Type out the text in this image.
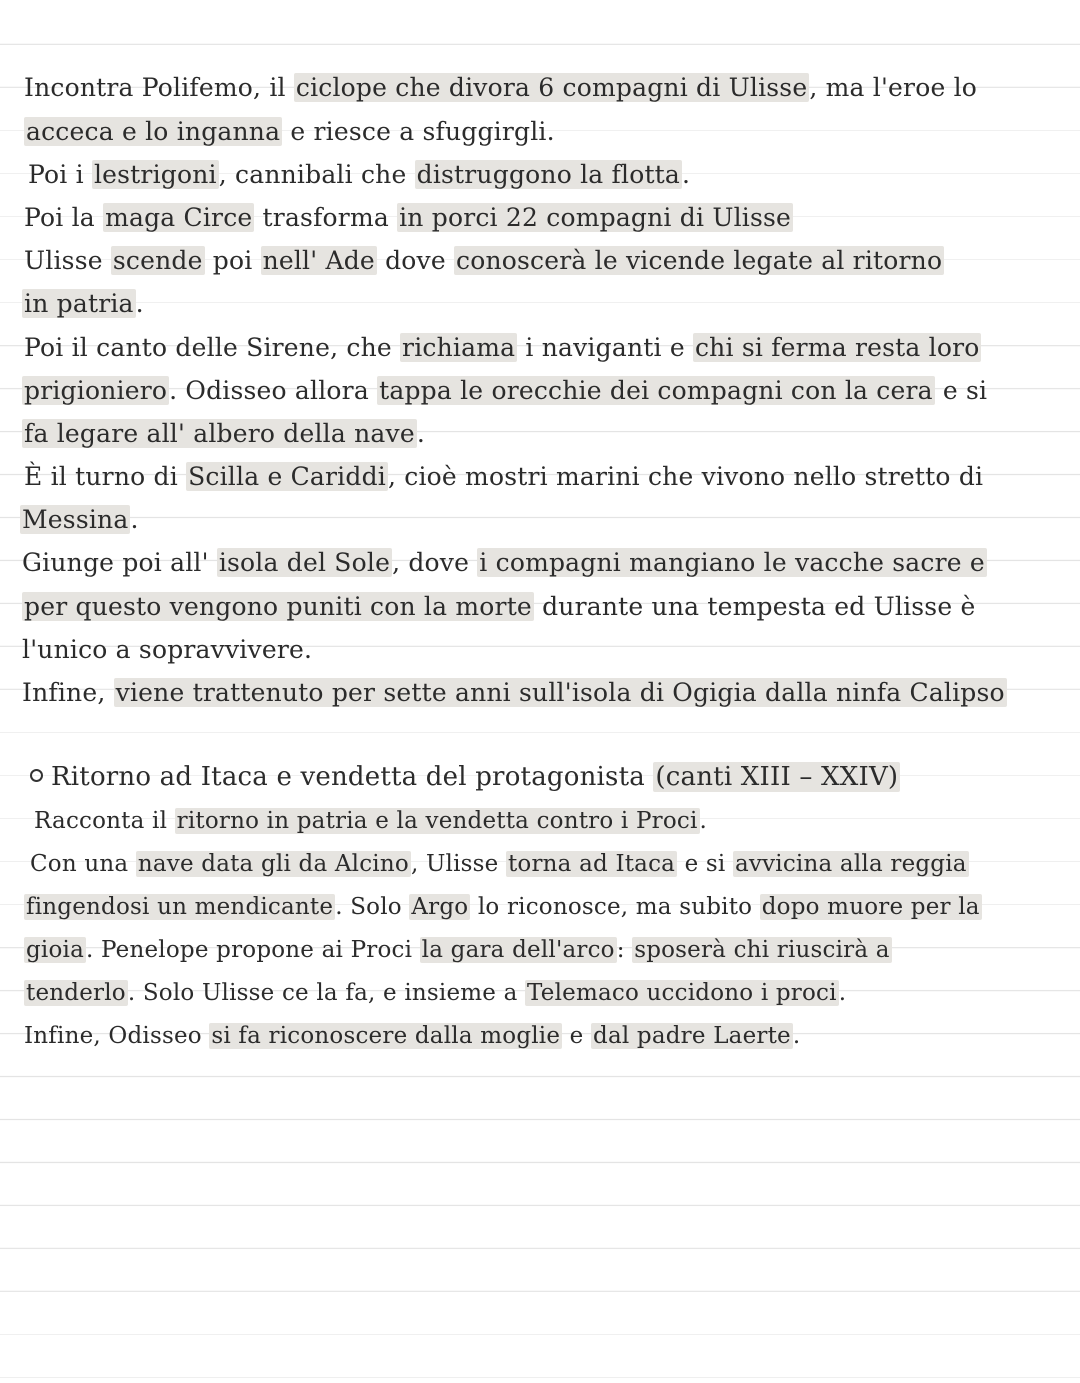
Incontra Polifemo, il ciclope che divora 6 compagni di Ulisse, ma l'eroe lo

acceca e lo inganna e riesce a sfuggirgli.

Poi i lestrigoni, cannibali che distruggono la flotta.

Poi la maga Circe trasforma in porci 22 compagni di Ulisse

Ulisse scende poi nell' Ade dove conoscerà le vicende legate al ritorno

in patria.

Poi il canto delle Sirene, che richiama i naviganti e chi si ferma resta loro

prigioniero. Odisseo allora tappa le orecchie dei compagni con la cera e si

fa legare all' albero della nave.

È il turno di Scilla e Cariddi, cioè mostri marini che vivono nello stretto di

Messina.

Giunge poi all' isola del Sole, dove i compagni mangiano le vacche sacre e

per questo vengono puniti con la morte durante una tempesta ed Ulisse è

l'unico a sopravvivere.

Infine, viene trattenuto per sette anni sull'isola di Ogigia dalla ninfa Calipso

Ritorno ad Itaca e vendetta del protagonista (canti XIII – XXIV)

Racconta il ritorno in patria e la vendetta contro i Proci.

Con una nave data gli da Alcino, Ulisse torna ad Itaca e si avvicina alla reggia

fingendosi un mendicante. Solo Argo lo riconosce, ma subito dopo muore per la

gioia. Penelope propone ai Proci la gara dell'arco: sposerà chi riuscirà a

tenderlo. Solo Ulisse ce la fa, e insieme a Telemaco uccidono i proci.

Infine, Odisseo si fa riconoscere dalla moglie e dal padre Laerte.
